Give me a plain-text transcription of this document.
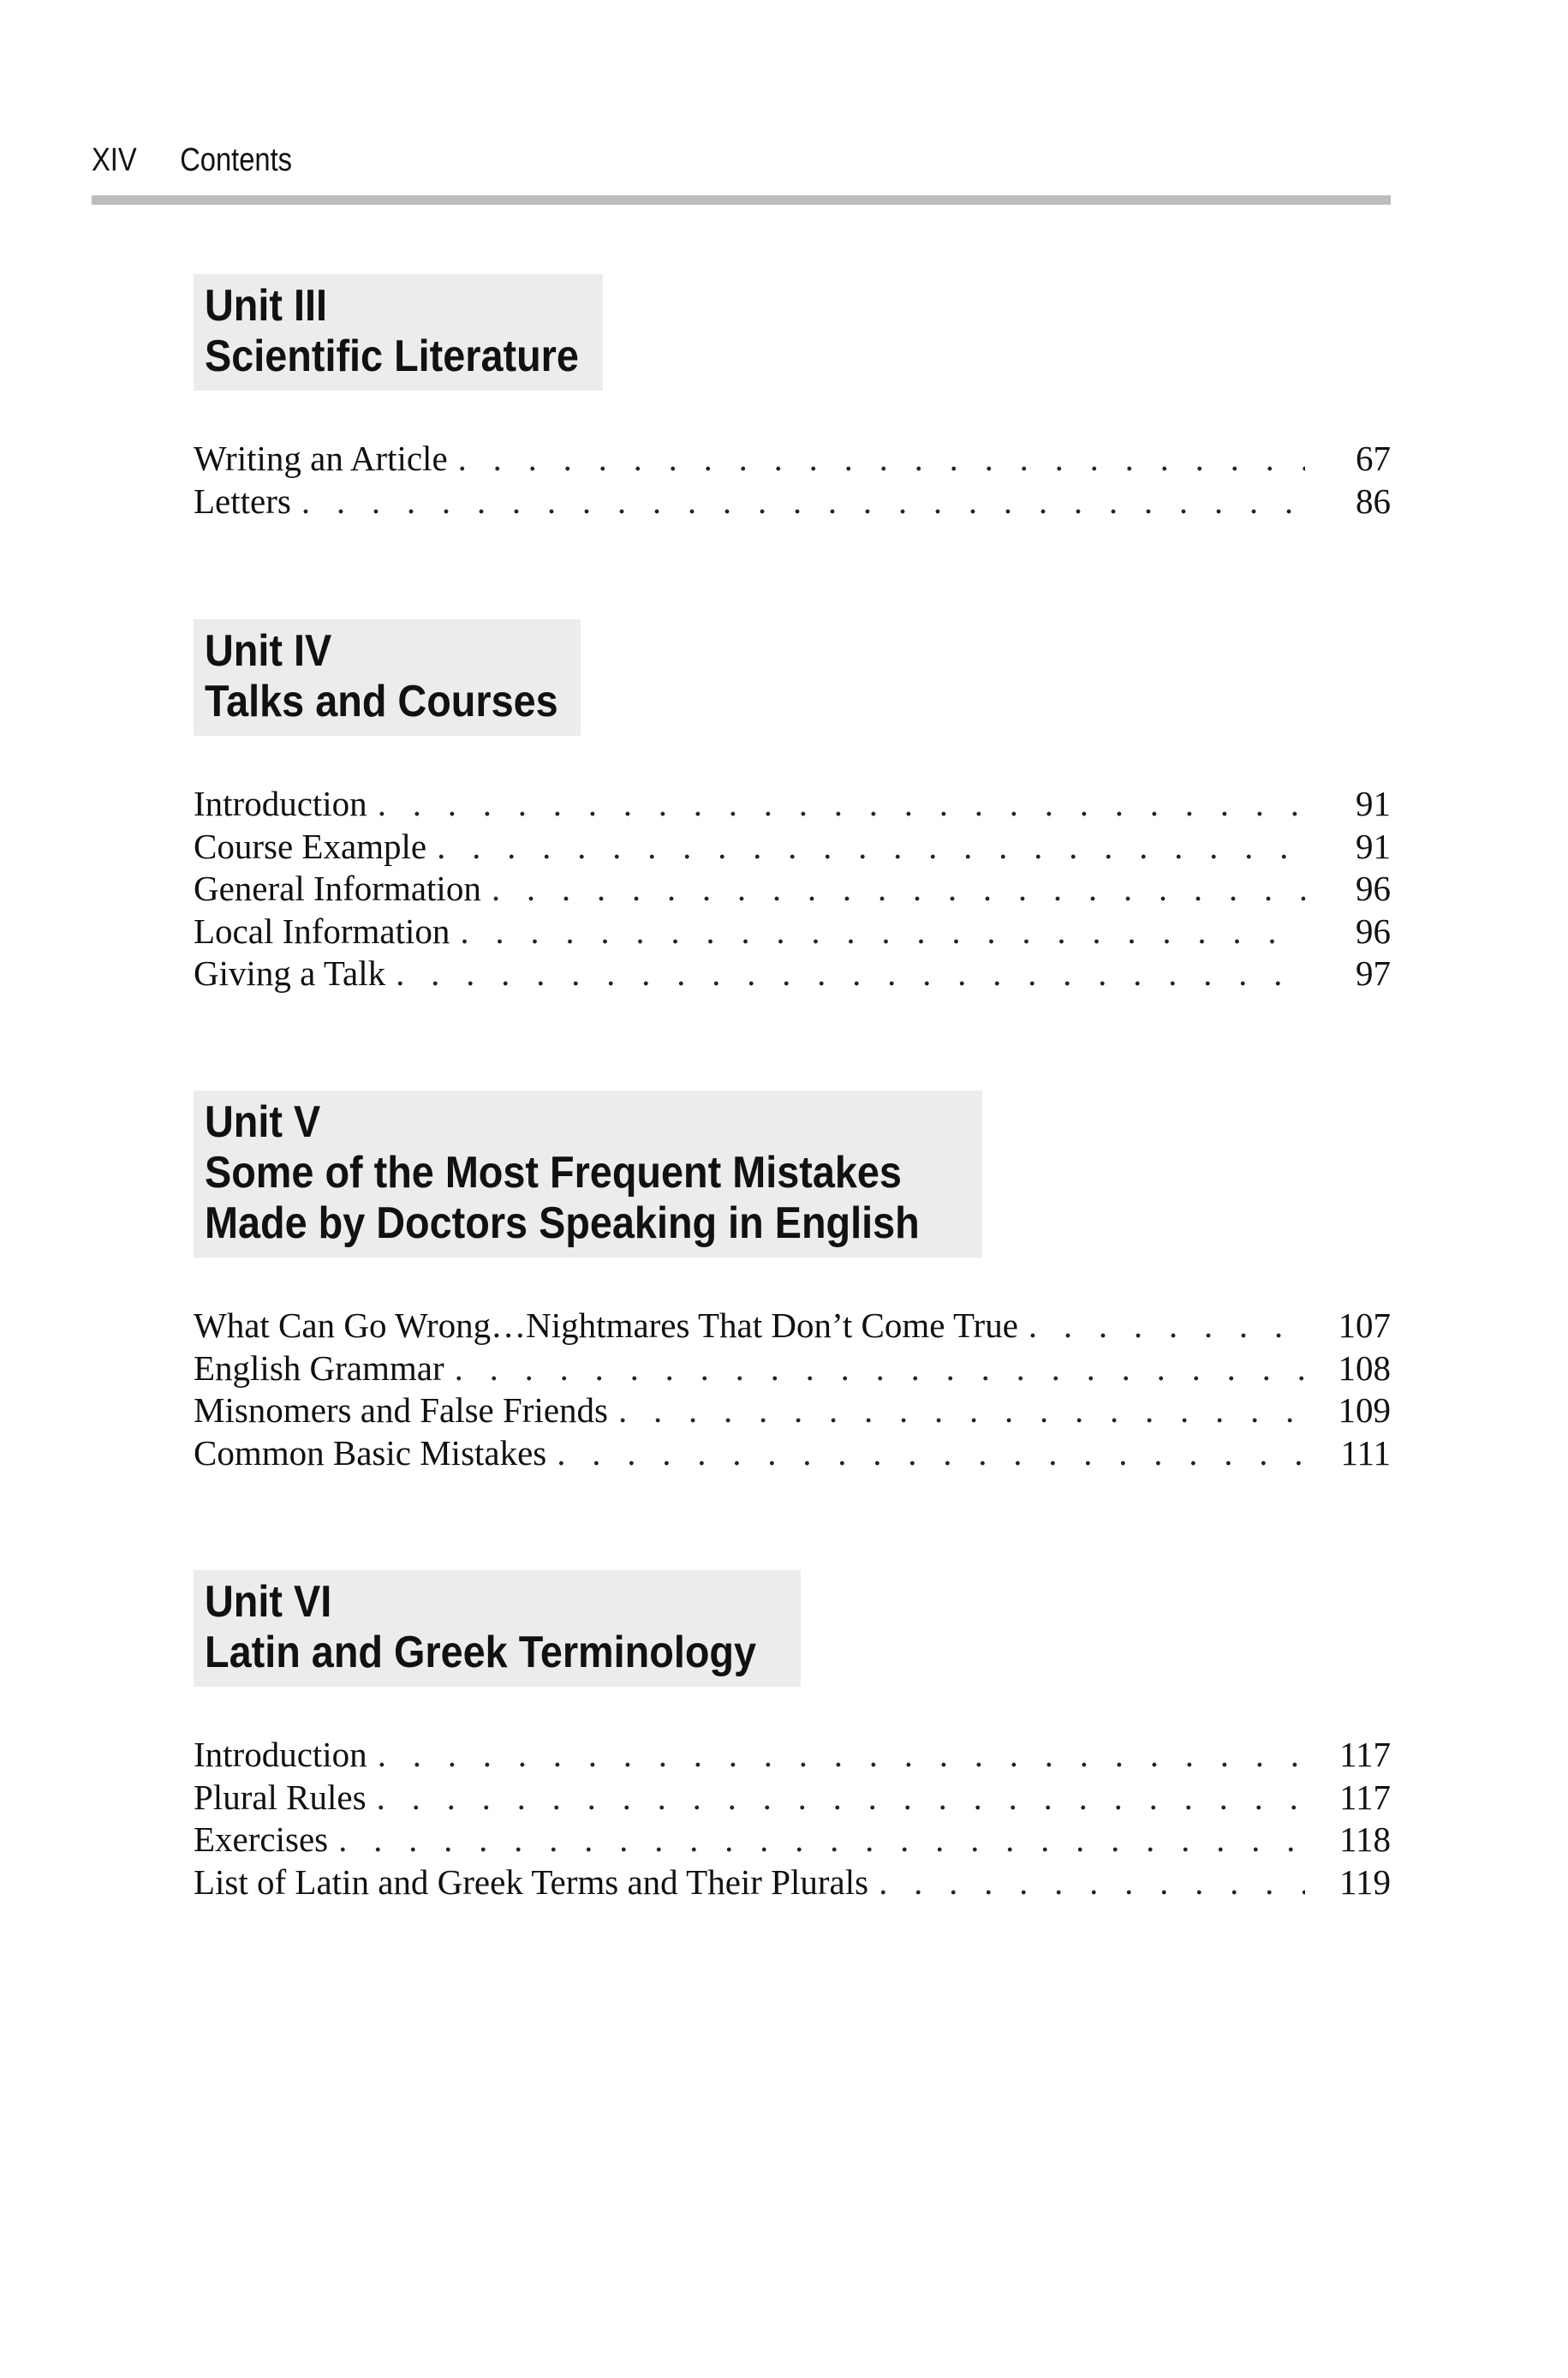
XIV	Contents
Unit III
Scientific Literature
Writing an Article . . .	67
Letters . . .	86
Unit IV
Talks and Courses
Introduction . . .	91
Course Example . . .	91
General Information . . .	96
Local Information . . .	96
Giving a Talk . . .	97
Unit V
Some of the Most Frequent Mistakes
Made by Doctors Speaking in English
What Can Go Wrong…Nightmares That Don’t Come True . . .	107
English Grammar . . .	108
Misnomers and False Friends . . .	109
Common Basic Mistakes . . .	111
Unit VI
Latin and Greek Terminology
Introduction . . .	117
Plural Rules . . .	117
Exercises . . .	118
List of Latin and Greek Terms and Their Plurals . . .	119
